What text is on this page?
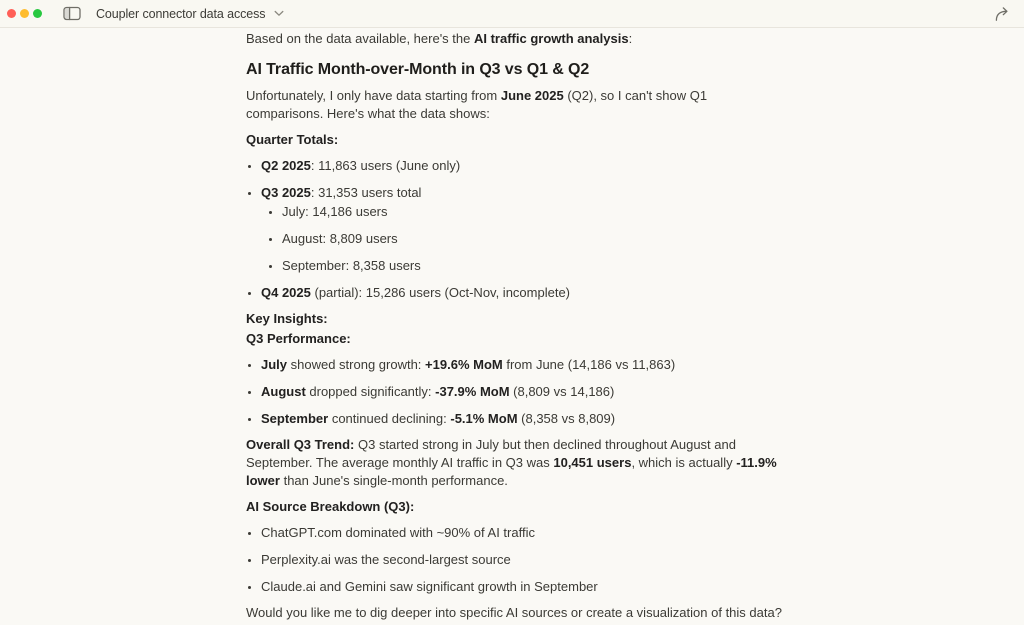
Coupler connector data access

Based on the data available, here's the AI traffic growth analysis:

AI Traffic Month-over-Month in Q3 vs Q1 & Q2

Unfortunately, I only have data starting from June 2025 (Q2), so I can't show Q1
comparisons. Here's what the data shows:

Quarter Totals:

• Q2 2025: 11,863 users (June only)
• Q3 2025: 31,353 users total
• July: 14,186 users
• August: 8,809 users
• September: 8,358 users
• Q4 2025 (partial): 15,286 users (Oct-Nov, incomplete)

Key Insights:

Q3 Performance:

• July showed strong growth: +19.6% MoM from June (14,186 vs 11,863)
• August dropped significantly: -37.9% MoM (8,809 vs 14,186)
• September continued declining: -5.1% MoM (8,358 vs 8,809)

Overall Q3 Trend: Q3 started strong in July but then declined throughout August and
September. The average monthly AI traffic in Q3 was 10,451 users, which is actually -11.9%
lower than June's single-month performance.

AI Source Breakdown (Q3):

• ChatGPT.com dominated with ~90% of AI traffic
• Perplexity.ai was the second-largest source
• Claude.ai and Gemini saw significant growth in September

Would you like me to dig deeper into specific AI sources or create a visualization of this data?
